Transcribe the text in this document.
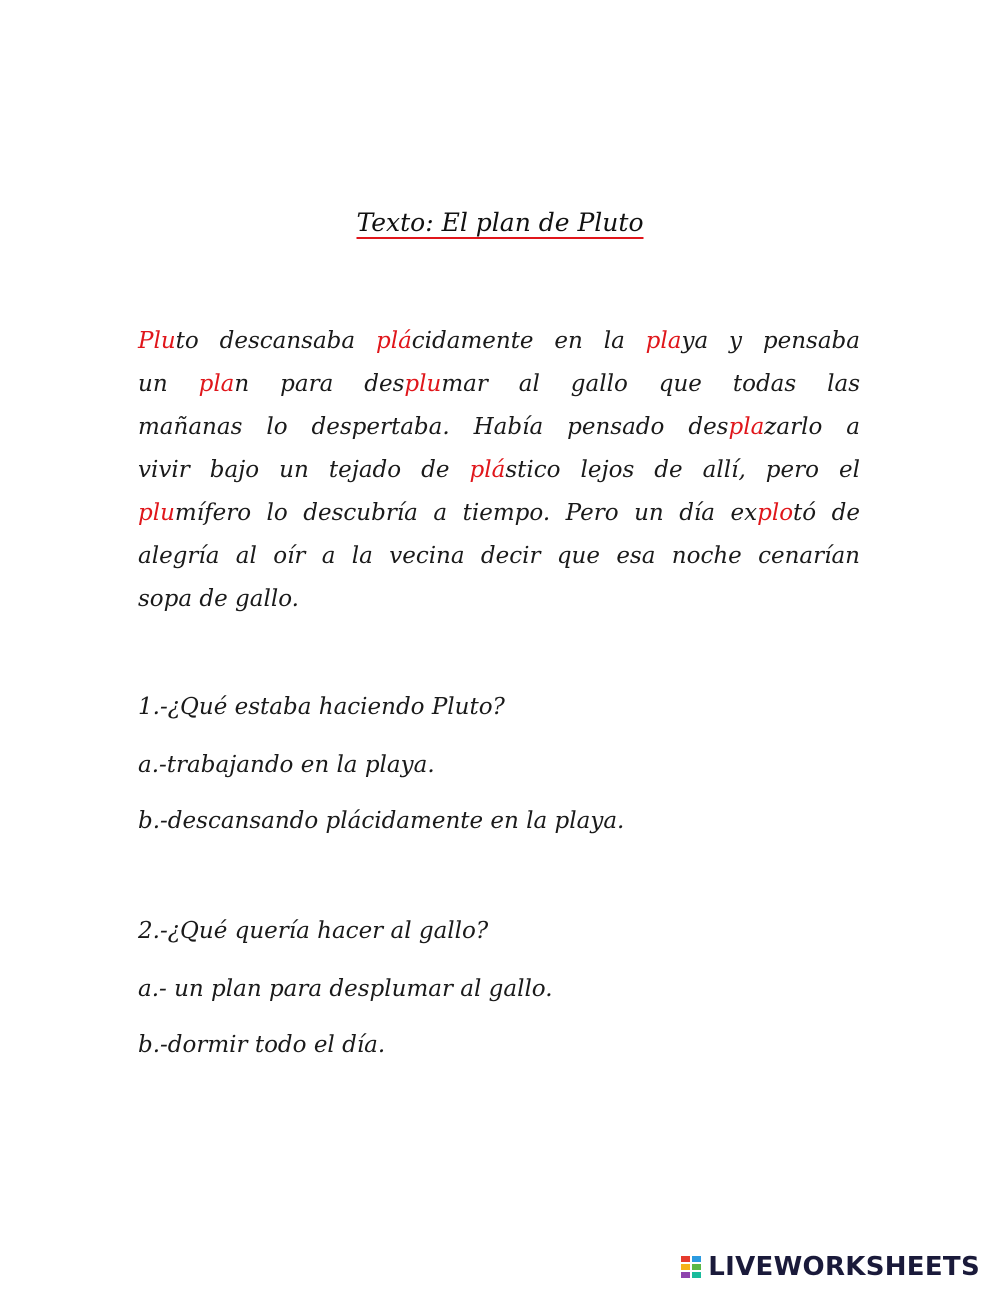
Texto: El plan de Pluto
Pluto descansaba plácidamente en la playa y pensaba
un plan para desplumar al gallo que todas las
mañanas lo despertaba. Había pensado desplazarlo a
vivir bajo un tejado de plástico lejos de allí, pero el
plumífero lo descubría a tiempo. Pero un día explotó de
alegría al oír a la vecina decir que esa noche cenarían
sopa de gallo.
1.-¿Qué estaba haciendo Pluto?
a.-trabajando en la playa.
b.-descansando plácidamente en la playa.
2.-¿Qué quería hacer al gallo?
a.- un plan para desplumar al gallo.
b.-dormir todo el día.
LIVEWORKSHEETS
